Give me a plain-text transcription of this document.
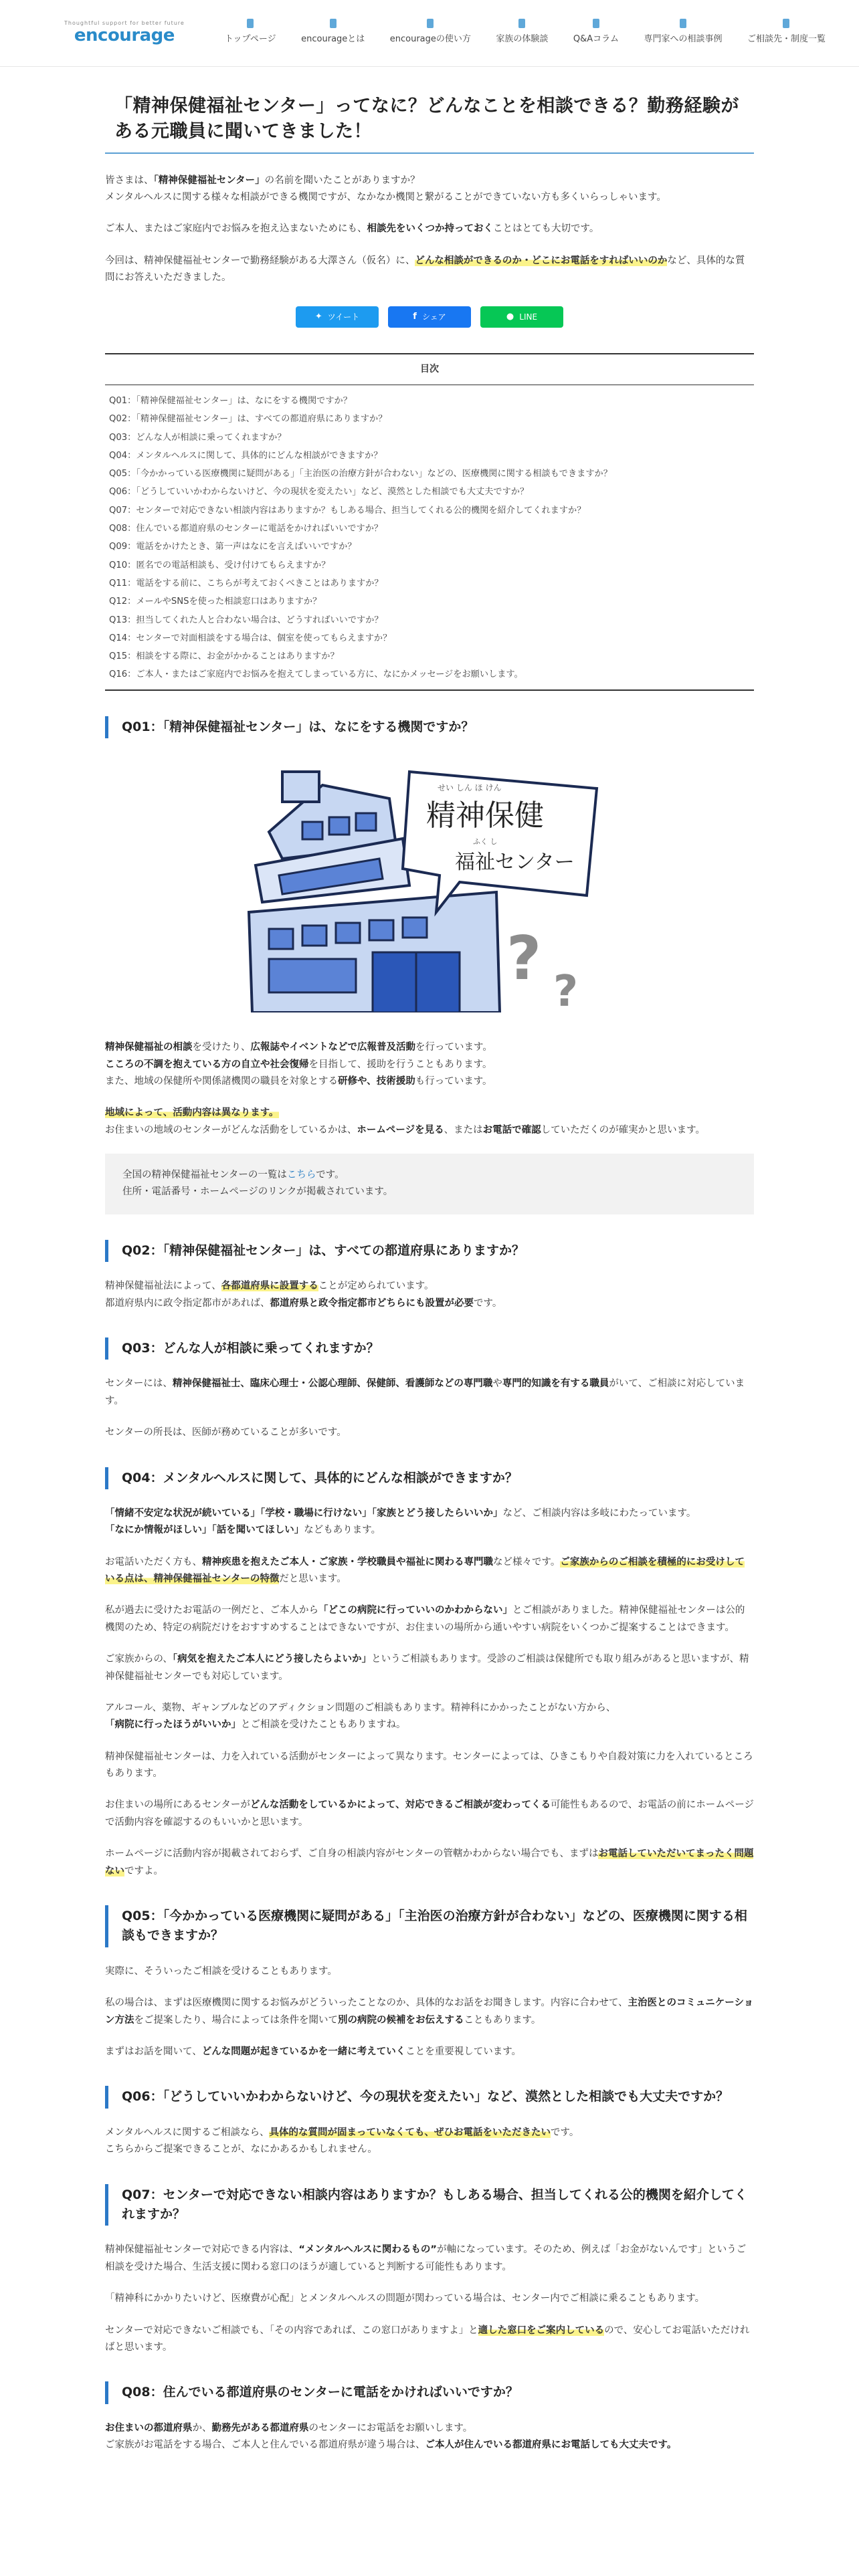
Thoughtful support for better future
encourage	トップページ	encourageとは	encourageの使い方	家族の体験談	Q&Aコラム	専門家への相談事例	ご相談先・制度一覧
「精神保健福祉センター」ってなに？どんなことを相談できる？勤務経験がある元職員に聞いてきました！

皆さまは、「精神保健福祉センター」の名前を聞いたことがありますか？
メンタルヘルスに関する様々な相談ができる機関ですが、なかなか機関と繋がることができていない方も多くいらっしゃいます。

ご本人、またはご家庭内でお悩みを抱え込まないためにも、相談先をいくつか持っておくことはとても大切です。

今回は、精神保健福祉センターで勤務経験がある大澤さん（仮名）に、どんな相談ができるのか・どこにお電話をすればいいのかなど、具体的な質問にお答えいただきました。

✦ ツイート	f シェア	● LINE
目次
Q01：「精神保健福祉センター」は、なにをする機関ですか？
Q02：「精神保健福祉センター」は、すべての都道府県にありますか？
Q03：どんな人が相談に乗ってくれますか？
Q04：メンタルヘルスに関して、具体的にどんな相談ができますか？
Q05：「今かかっている医療機関に疑問がある」「主治医の治療方針が合わない」などの、医療機関に関する相談もできますか？
Q06：「どうしていいかわからないけど、今の現状を変えたい」など、漠然とした相談でも大丈夫ですか？
Q07：センターで対応できない相談内容はありますか？もしある場合、担当してくれる公的機関を紹介してくれますか？
Q08：住んでいる都道府県のセンターに電話をかければいいですか？
Q09：電話をかけたとき、第一声はなにを言えばいいですか？
Q10：匿名での電話相談も、受け付けてもらえますか？
Q11：電話をする前に、こちらが考えておくべきことはありますか？
Q12：メールやSNSを使った相談窓口はありますか？
Q13：担当してくれた人と合わない場合は、どうすればいいですか？
Q14：センターで対面相談をする場合は、個室を使ってもらえますか？
Q15：相談をする際に、お金がかかることはありますか？
Q16：ご本人・またはご家庭内でお悩みを抱えてしまっている方に、なにかメッセージをお願いします。
Q01：「精神保健福祉センター」は、なにをする機関ですか？
せい しん ほ けん
精神保健
ふく し
福祉センター
? ?

精神保健福祉の相談を受けたり、広報誌やイベントなどで広報普及活動を行っています。
こころの不調を抱えている方の自立や社会復帰を目指して、援助を行うこともあります。
また、地域の保健所や関係諸機関の職員を対象とする研修や、技術援助も行っています。

地域によって、活動内容は異なります。
お住まいの地域のセンターがどんな活動をしているかは、ホームページを見る、またはお電話で確認していただくのが確実かと思います。

全国の精神保健福祉センターの一覧はこちらです。
住所・電話番号・ホームページのリンクが掲載されています。
Q02：「精神保健福祉センター」は、すべての都道府県にありますか？

精神保健福祉法によって、各都道府県に設置することが定められています。
都道府県内に政令指定都市があれば、都道府県と政令指定都市どちらにも設置が必要です。

Q03：どんな人が相談に乗ってくれますか？

センターには、精神保健福祉士、臨床心理士・公認心理師、保健師、看護師などの専門職や専門的知識を有する職員がいて、ご相談に対応しています。

センターの所長は、医師が務めていることが多いです。

Q04：メンタルヘルスに関して、具体的にどんな相談ができますか？

「情緒不安定な状況が続いている」「学校・職場に行けない」「家族とどう接したらいいか」など、ご相談内容は多岐にわたっています。
「なにか情報がほしい」「話を聞いてほしい」などもあります。

お電話いただく方も、精神疾患を抱えたご本人・ご家族・学校職員や福祉に関わる専門職など様々です。ご家族からのご相談を積極的にお受けしている点は、精神保健福祉センターの特徴だと思います。

私が過去に受けたお電話の一例だと、ご本人から「どこの病院に行っていいのかわからない」とご相談がありました。精神保健福祉センターは公的機関のため、特定の病院だけをおすすめすることはできないですが、お住まいの場所から通いやすい病院をいくつかご提案することはできます。

ご家族からの、「病気を抱えたご本人にどう接したらよいか」というご相談もあります。受診のご相談は保健所でも取り組みがあると思いますが、精神保健福祉センターでも対応しています。

アルコール、薬物、ギャンブルなどのアディクション問題のご相談もあります。精神科にかかったことがない方から、
「病院に行ったほうがいいか」とご相談を受けたこともありますね。

精神保健福祉センターは、力を入れている活動がセンターによって異なります。センターによっては、ひきこもりや自殺対策に力を入れているところもあります。

お住まいの場所にあるセンターがどんな活動をしているかによって、対応できるご相談が変わってくる可能性もあるので、お電話の前にホームページで活動内容を確認するのもいいかと思います。

ホームページに活動内容が掲載されておらず、ご自身の相談内容がセンターの管轄かわからない場合でも、まずはお電話していただいてまったく問題ないですよ。

Q05：「今かかっている医療機関に疑問がある」「主治医の治療方針が合わない」などの、医療機関に関する相談もできますか？

実際に、そういったご相談を受けることもあります。

私の場合は、まずは医療機関に関するお悩みがどういったことなのか、具体的なお話をお聞きします。内容に合わせて、主治医とのコミュニケーション方法をご提案したり、場合によっては条件を聞いて別の病院の候補をお伝えすることもあります。

まずはお話を聞いて、どんな問題が起きているかを一緒に考えていくことを重要視しています。

Q06：「どうしていいかわからないけど、今の現状を変えたい」など、漠然とした相談でも大丈夫ですか？

メンタルヘルスに関するご相談なら、具体的な質問が固まっていなくても、ぜひお電話をいただきたいです。
こちらからご提案できることが、なにかあるかもしれません。

Q07：センターで対応できない相談内容はありますか？もしある場合、担当してくれる公的機関を紹介してくれますか？

精神保健福祉センターで対応できる内容は、“メンタルヘルスに関わるもの”が軸になっています。そのため、例えば「お金がないんです」というご相談を受けた場合、生活支援に関わる窓口のほうが適していると判断する可能性もあります。

「精神科にかかりたいけど、医療費が心配」とメンタルヘルスの問題が関わっている場合は、センター内でご相談に乗ることもあります。

センターで対応できないご相談でも、「その内容であれば、この窓口がありますよ」と適した窓口をご案内しているので、安心してお電話いただければと思います。

Q08：住んでいる都道府県のセンターに電話をかければいいですか？

お住まいの都道府県か、勤務先がある都道府県のセンターにお電話をお願いします。
ご家族がお電話をする場合、ご本人と住んでいる都道府県が違う場合は、ご本人が住んでいる都道府県にお電話しても大丈夫です。
